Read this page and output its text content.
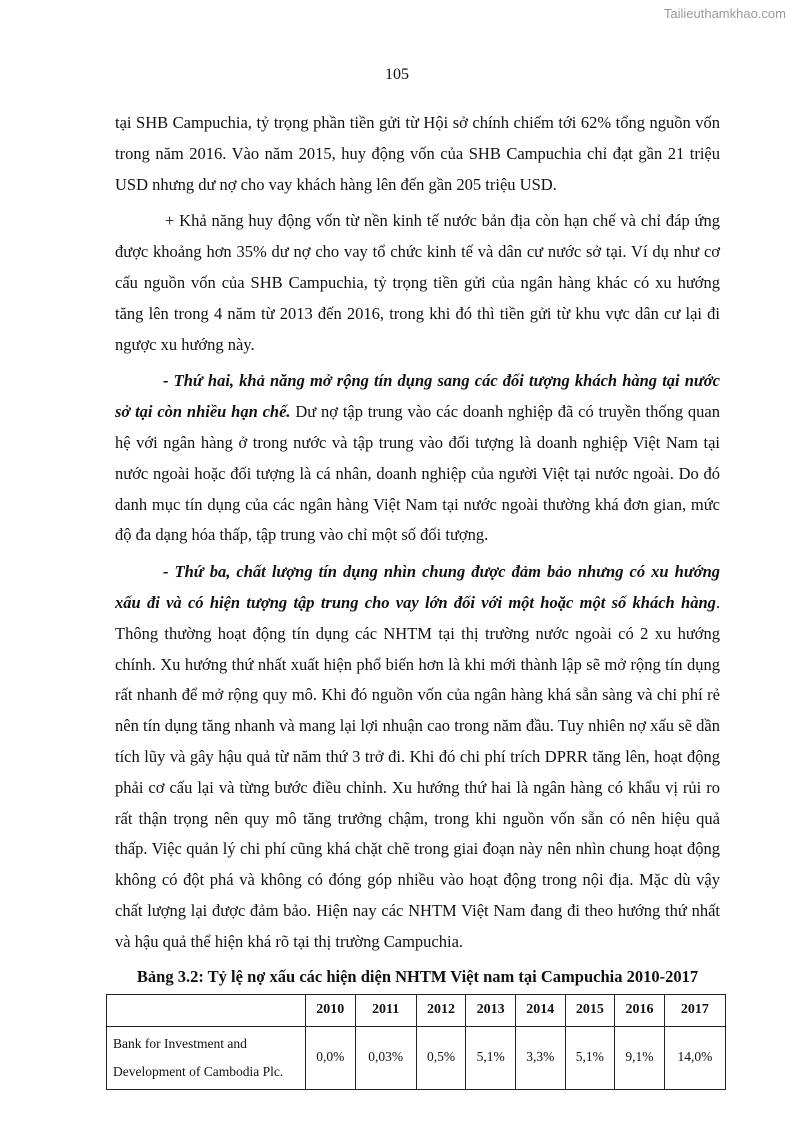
Tailieuthamkhao.com
105

tại SHB Campuchia, tỷ trọng phần tiền gửi từ Hội sở chính chiếm tới 62% tổng nguồn vốn trong năm 2016. Vào năm 2015, huy động vốn của SHB Campuchia chỉ đạt gần 21 triệu USD nhưng dư nợ cho vay khách hàng lên đến gần 205 triệu USD.

+ Khả năng huy động vốn từ nền kinh tế nước bản địa còn hạn chế và chỉ đáp ứng được khoảng hơn 35% dư nợ cho vay tổ chức kinh tế và dân cư nước sở tại. Ví dụ như cơ cấu nguồn vốn của SHB Campuchia, tỷ trọng tiền gửi của ngân hàng khác có xu hướng tăng lên trong 4 năm từ 2013 đến 2016, trong khi đó thì tiền gửi từ khu vực dân cư lại đi ngược xu hướng này.

- Thứ hai, khả năng mở rộng tín dụng sang các đối tượng khách hàng tại nước sở tại còn nhiều hạn chế. Dư nợ tập trung vào các doanh nghiệp đã có truyền thống quan hệ với ngân hàng ở trong nước và tập trung vào đối tượng là doanh nghiệp Việt Nam tại nước ngoài hoặc đối tượng là cá nhân, doanh nghiệp của người Việt tại nước ngoài. Do đó danh mục tín dụng của các ngân hàng Việt Nam tại nước ngoài thường khá đơn gian, mức độ đa dạng hóa thấp, tập trung vào chỉ một số đối tượng.

- Thứ ba, chất lượng tín dụng nhìn chung được đảm bảo nhưng có xu hướng xấu đi và có hiện tượng tập trung cho vay lớn đối với một hoặc một số khách hàng. Thông thường hoạt động tín dụng các NHTM tại thị trường nước ngoài có 2 xu hướng chính. Xu hướng thứ nhất xuất hiện phổ biến hơn là khi mới thành lập sẽ mở rộng tín dụng rất nhanh để mở rộng quy mô. Khi đó nguồn vốn của ngân hàng khá sẵn sàng và chi phí rẻ nên tín dụng tăng nhanh và mang lại lợi nhuận cao trong năm đầu. Tuy nhiên nợ xấu sẽ dần tích lũy và gây hậu quả từ năm thứ 3 trở đi. Khi đó chi phí trích DPRR tăng lên, hoạt động phải cơ cấu lại và từng bước điều chỉnh. Xu hướng thứ hai là ngân hàng có khẩu vị rủi ro rất thận trọng nên quy mô tăng trưởng chậm, trong khi nguồn vốn sẵn có nên hiệu quả thấp. Việc quản lý chi phí cũng khá chặt chẽ trong giai đoạn này nên nhìn chung hoạt động không có đột phá và không có đóng góp nhiều vào hoạt động trong nội địa. Mặc dù vậy chất lượng lại được đảm bảo. Hiện nay các NHTM Việt Nam đang đi theo hướng thứ nhất và hậu quả thể hiện khá rõ tại thị trường Campuchia.

Bảng 3.2: Tỷ lệ nợ xấu các hiện diện NHTM Việt nam tại Campuchia 2010-2017

	2010	2011	2012	2013	2014	2015	2016	2017
Bank for Investment and
Development of Cambodia Plc.	0,0%	0,03%	0,5%	5,1%	3,3%	5,1%	9,1%	14,0%
